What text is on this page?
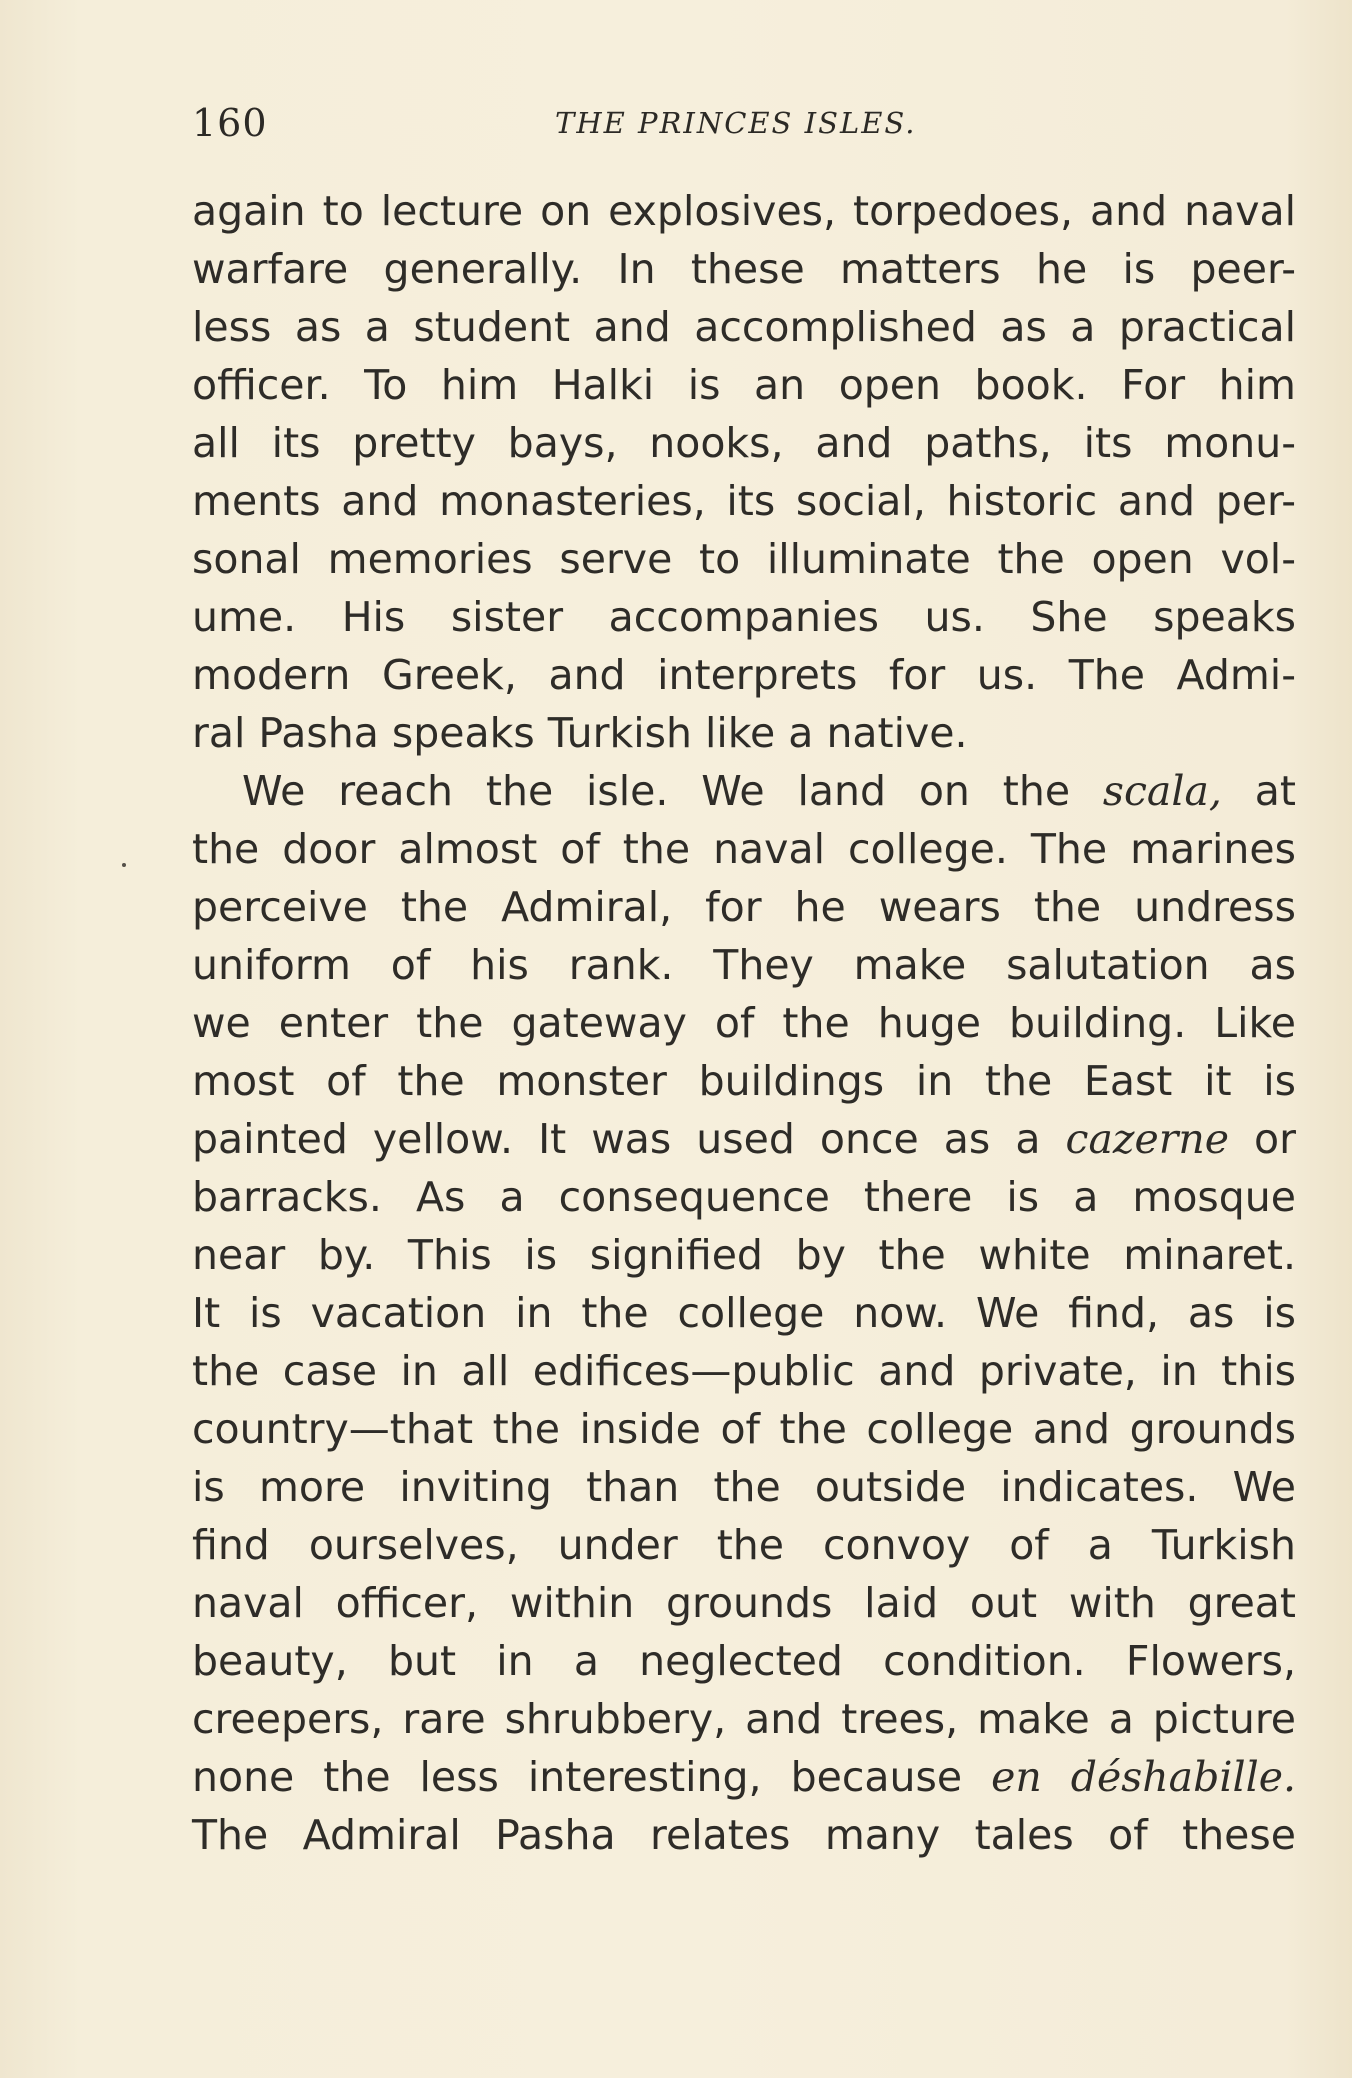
160	THE PRINCES ISLES.
again to lecture on explosives, torpedoes, and naval
warfare generally. In these matters he is peer-
less as a student and accomplished as a practical
officer. To him Halki is an open book. For him
all its pretty bays, nooks, and paths, its monu-
ments and monasteries, its social, historic and per-
sonal memories serve to illuminate the open vol-
ume. His sister accompanies us. She speaks
modern Greek, and interprets for us. The Admi-
ral Pasha speaks Turkish like a native.
We reach the isle. We land on the scala, at
the door almost of the naval college. The marines
perceive the Admiral, for he wears the undress
uniform of his rank. They make salutation as
we enter the gateway of the huge building. Like
most of the monster buildings in the East it is
painted yellow. It was used once as a cazerne or
barracks. As a consequence there is a mosque
near by. This is signified by the white minaret.
It is vacation in the college now. We find, as is
the case in all edifices—public and private, in this
country—that the inside of the college and grounds
is more inviting than the outside indicates. We
find ourselves, under the convoy of a Turkish
naval officer, within grounds laid out with great
beauty, but in a neglected condition. Flowers,
creepers, rare shrubbery, and trees, make a picture
none the less interesting, because en déshabille.
The Admiral Pasha relates many tales of these
